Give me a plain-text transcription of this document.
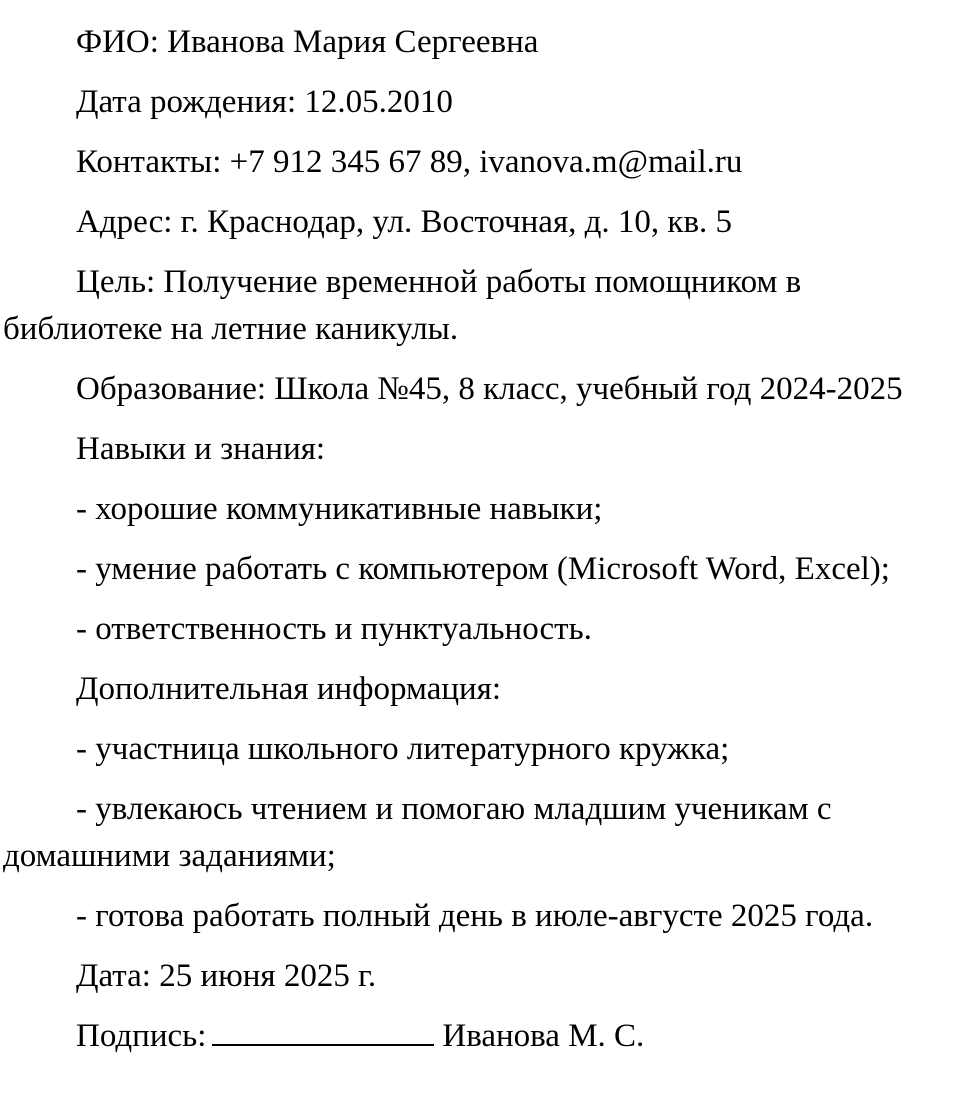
ФИО: Иванова Мария Сергеевна

Дата рождения: 12.05.2010

Контакты: +7 912 345 67 89, ivanova.m@mail.ru

Адрес: г. Краснодар, ул. Восточная, д. 10, кв. 5

Цель: Получение временной работы помощником в библиотеке на летние каникулы.

Образование: Школа №45, 8 класс, учебный год 2024-2025

Навыки и знания:

- хорошие коммуникативные навыки;

- умение работать с компьютером (Microsoft Word, Excel);

- ответственность и пунктуальность.

Дополнительная информация:

- участница школьного литературного кружка;

- увлекаюсь чтением и помогаю младшим ученикам с домашними заданиями;

- готова работать полный день в июле-августе 2025 года.

Дата: 25 июня 2025 г.

Подпись:	Иванова М. С.
